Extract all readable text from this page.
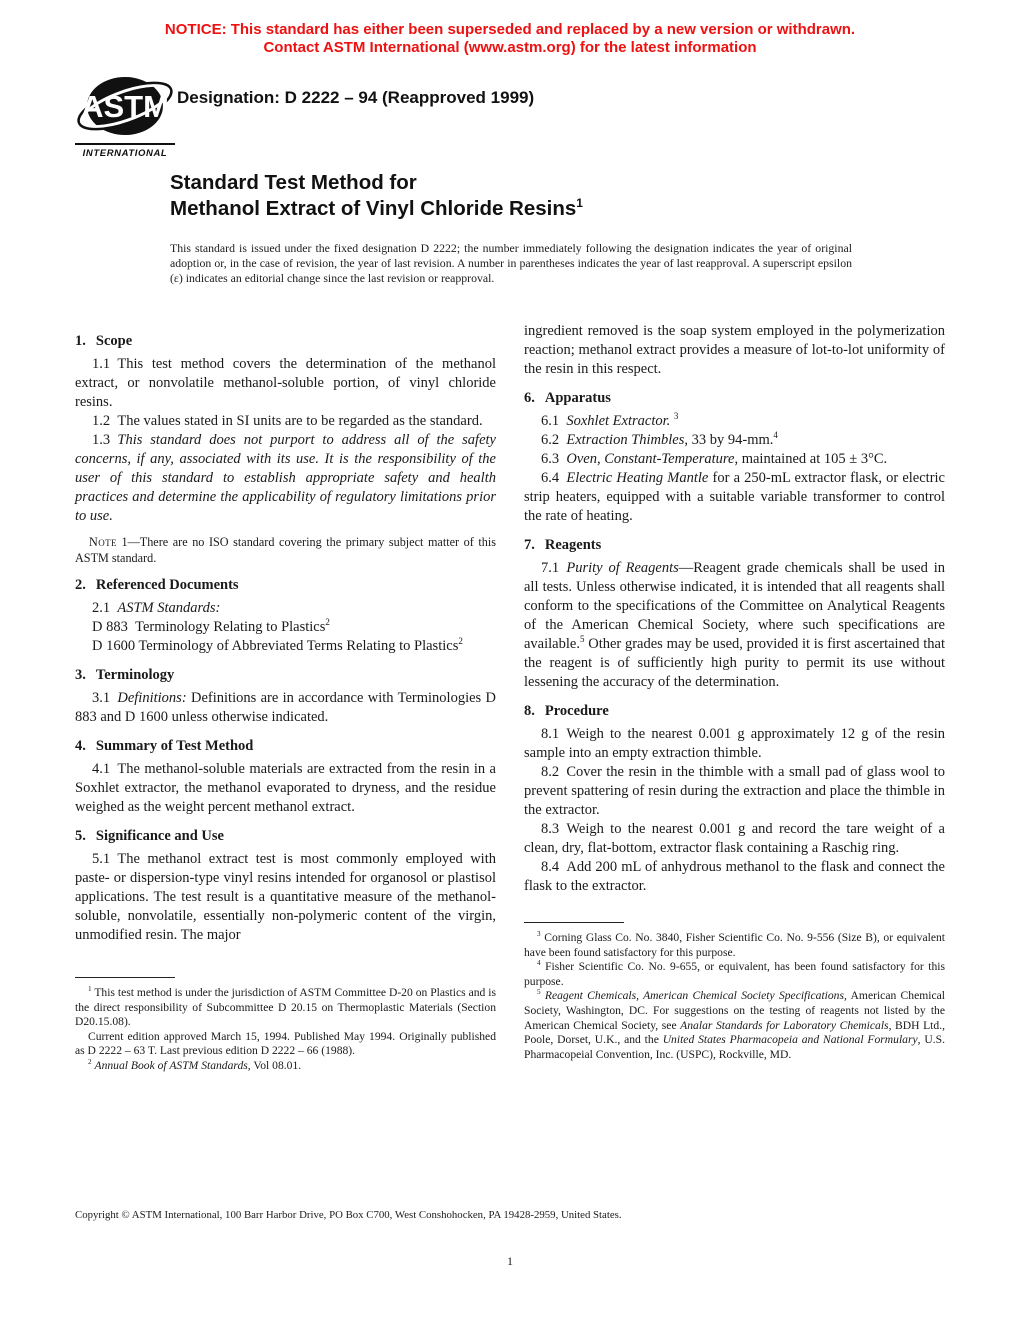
NOTICE: This standard has either been superseded and replaced by a new version or withdrawn.
Contact ASTM International (www.astm.org) for the latest information
ASTM
INTERNATIONAL
Designation: D 2222 – 94 (Reapproved 1999)
Standard Test Method for
Methanol Extract of Vinyl Chloride Resins$^1$

This standard is issued under the fixed designation D 2222; the number immediately following the designation indicates the year of original adoption or, in the case of revision, the year of last revision. A number in parentheses indicates the year of last reapproval. A superscript epsilon (ε) indicates an editorial change since the last revision or reapproval.

1. Scope
1.1 This test method covers the determination of the methanol extract, or nonvolatile methanol-soluble portion, of vinyl chloride resins.
1.2 The values stated in SI units are to be regarded as the standard.
1.3 This standard does not purport to address all of the safety concerns, if any, associated with its use. It is the responsibility of the user of this standard to establish appropriate safety and health practices and determine the applicability of regulatory limitations prior to use.
Note 1—There are no ISO standard covering the primary subject matter of this ASTM standard.
2. Referenced Documents
2.1 ASTM Standards:
D 883 Terminology Relating to Plastics$^2$
D 1600 Terminology of Abbreviated Terms Relating to Plastics$^2$
3. Terminology
3.1 Definitions: Definitions are in accordance with Terminologies D 883 and D 1600 unless otherwise indicated.
4. Summary of Test Method
4.1 The methanol-soluble materials are extracted from the resin in a Soxhlet extractor, the methanol evaporated to dryness, and the residue weighed as the weight percent methanol extract.
5. Significance and Use
5.1 The methanol extract test is most commonly employed with paste- or dispersion-type vinyl resins intended for organosol or plastisol applications. The test result is a quantitative measure of the methanol-soluble, nonvolatile, essentially non-polymeric content of the virgin, unmodified resin. The major
$^1$ This test method is under the jurisdiction of ASTM Committee D-20 on Plastics and is the direct responsibility of Subcommittee D 20.15 on Thermoplastic Materials (Section D20.15.08).
Current edition approved March 15, 1994. Published May 1994. Originally published as D 2222 – 63 T. Last previous edition D 2222 – 66 (1988).
$^2$ Annual Book of ASTM Standards, Vol 08.01.
ingredient removed is the soap system employed in the polymerization reaction; methanol extract provides a measure of lot-to-lot uniformity of the resin in this respect.
6. Apparatus
6.1 Soxhlet Extractor. $^3$
6.2 Extraction Thimbles, 33 by 94-mm.$^4$
6.3 Oven, Constant-Temperature, maintained at 105 ± 3°C.
6.4 Electric Heating Mantle for a 250-mL extractor flask, or electric strip heaters, equipped with a suitable variable transformer to control the rate of heating.
7. Reagents
7.1 Purity of Reagents—Reagent grade chemicals shall be used in all tests. Unless otherwise indicated, it is intended that all reagents shall conform to the specifications of the Committee on Analytical Reagents of the American Chemical Society, where such specifications are available.$^5$ Other grades may be used, provided it is first ascertained that the reagent is of sufficiently high purity to permit its use without lessening the accuracy of the determination.
8. Procedure
8.1 Weigh to the nearest 0.001 g approximately 12 g of the resin sample into an empty extraction thimble.
8.2 Cover the resin in the thimble with a small pad of glass wool to prevent spattering of resin during the extraction and place the thimble in the extractor.
8.3 Weigh to the nearest 0.001 g and record the tare weight of a clean, dry, flat-bottom, extractor flask containing a Raschig ring.
8.4 Add 200 mL of anhydrous methanol to the flask and connect the flask to the extractor.
$^3$ Corning Glass Co. No. 3840, Fisher Scientific Co. No. 9-556 (Size B), or equivalent have been found satisfactory for this purpose.
$^4$ Fisher Scientific Co. No. 9-655, or equivalent, has been found satisfactory for this purpose.
$^5$ Reagent Chemicals, American Chemical Society Specifications, American Chemical Society, Washington, DC. For suggestions on the testing of reagents not listed by the American Chemical Society, see Analar Standards for Laboratory Chemicals, BDH Ltd., Poole, Dorset, U.K., and the United States Pharmacopeia and National Formulary, U.S. Pharmacopeial Convention, Inc. (USPC), Rockville, MD.
Copyright © ASTM International, 100 Barr Harbor Drive, PO Box C700, West Conshohocken, PA 19428-2959, United States.
1
